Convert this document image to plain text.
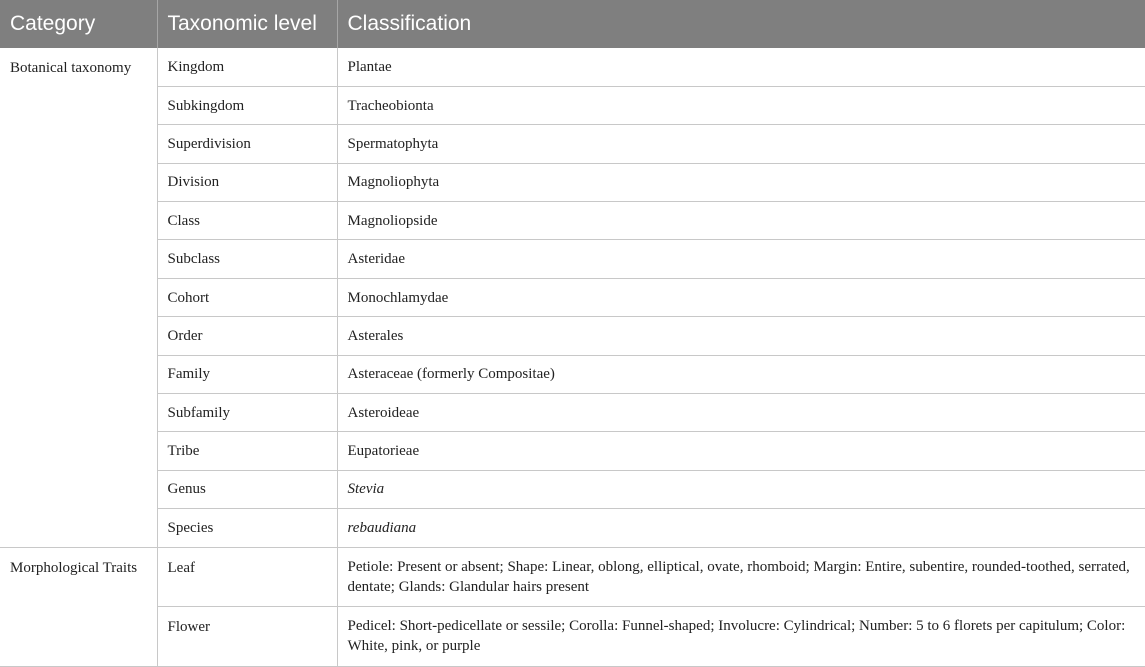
Category	Taxonomic level	Classification
Botanical taxonomy	Kingdom	Plantae
	Subkingdom	Tracheobionta
	Superdivision	Spermatophyta
	Division	Magnoliophyta
	Class	Magnoliopside
	Subclass	Asteridae
	Cohort	Monochlamydae
	Order	Asterales
	Family	Asteraceae (formerly Compositae)
	Subfamily	Asteroideae
	Tribe	Eupatorieae
	Genus	Stevia
	Species	rebaudiana
Morphological Traits	Leaf	Petiole: Present or absent; Shape: Linear, oblong, elliptical, ovate, rhomboid; Margin: Entire, subentire, rounded-toothed, serrated, dentate; Glands: Glandular hairs present
	Flower	Pedicel: Short-pedicellate or sessile; Corolla: Funnel-shaped; Involucre: Cylindrical; Number: 5 to 6 florets per capitulum; Color: White, pink, or purple
